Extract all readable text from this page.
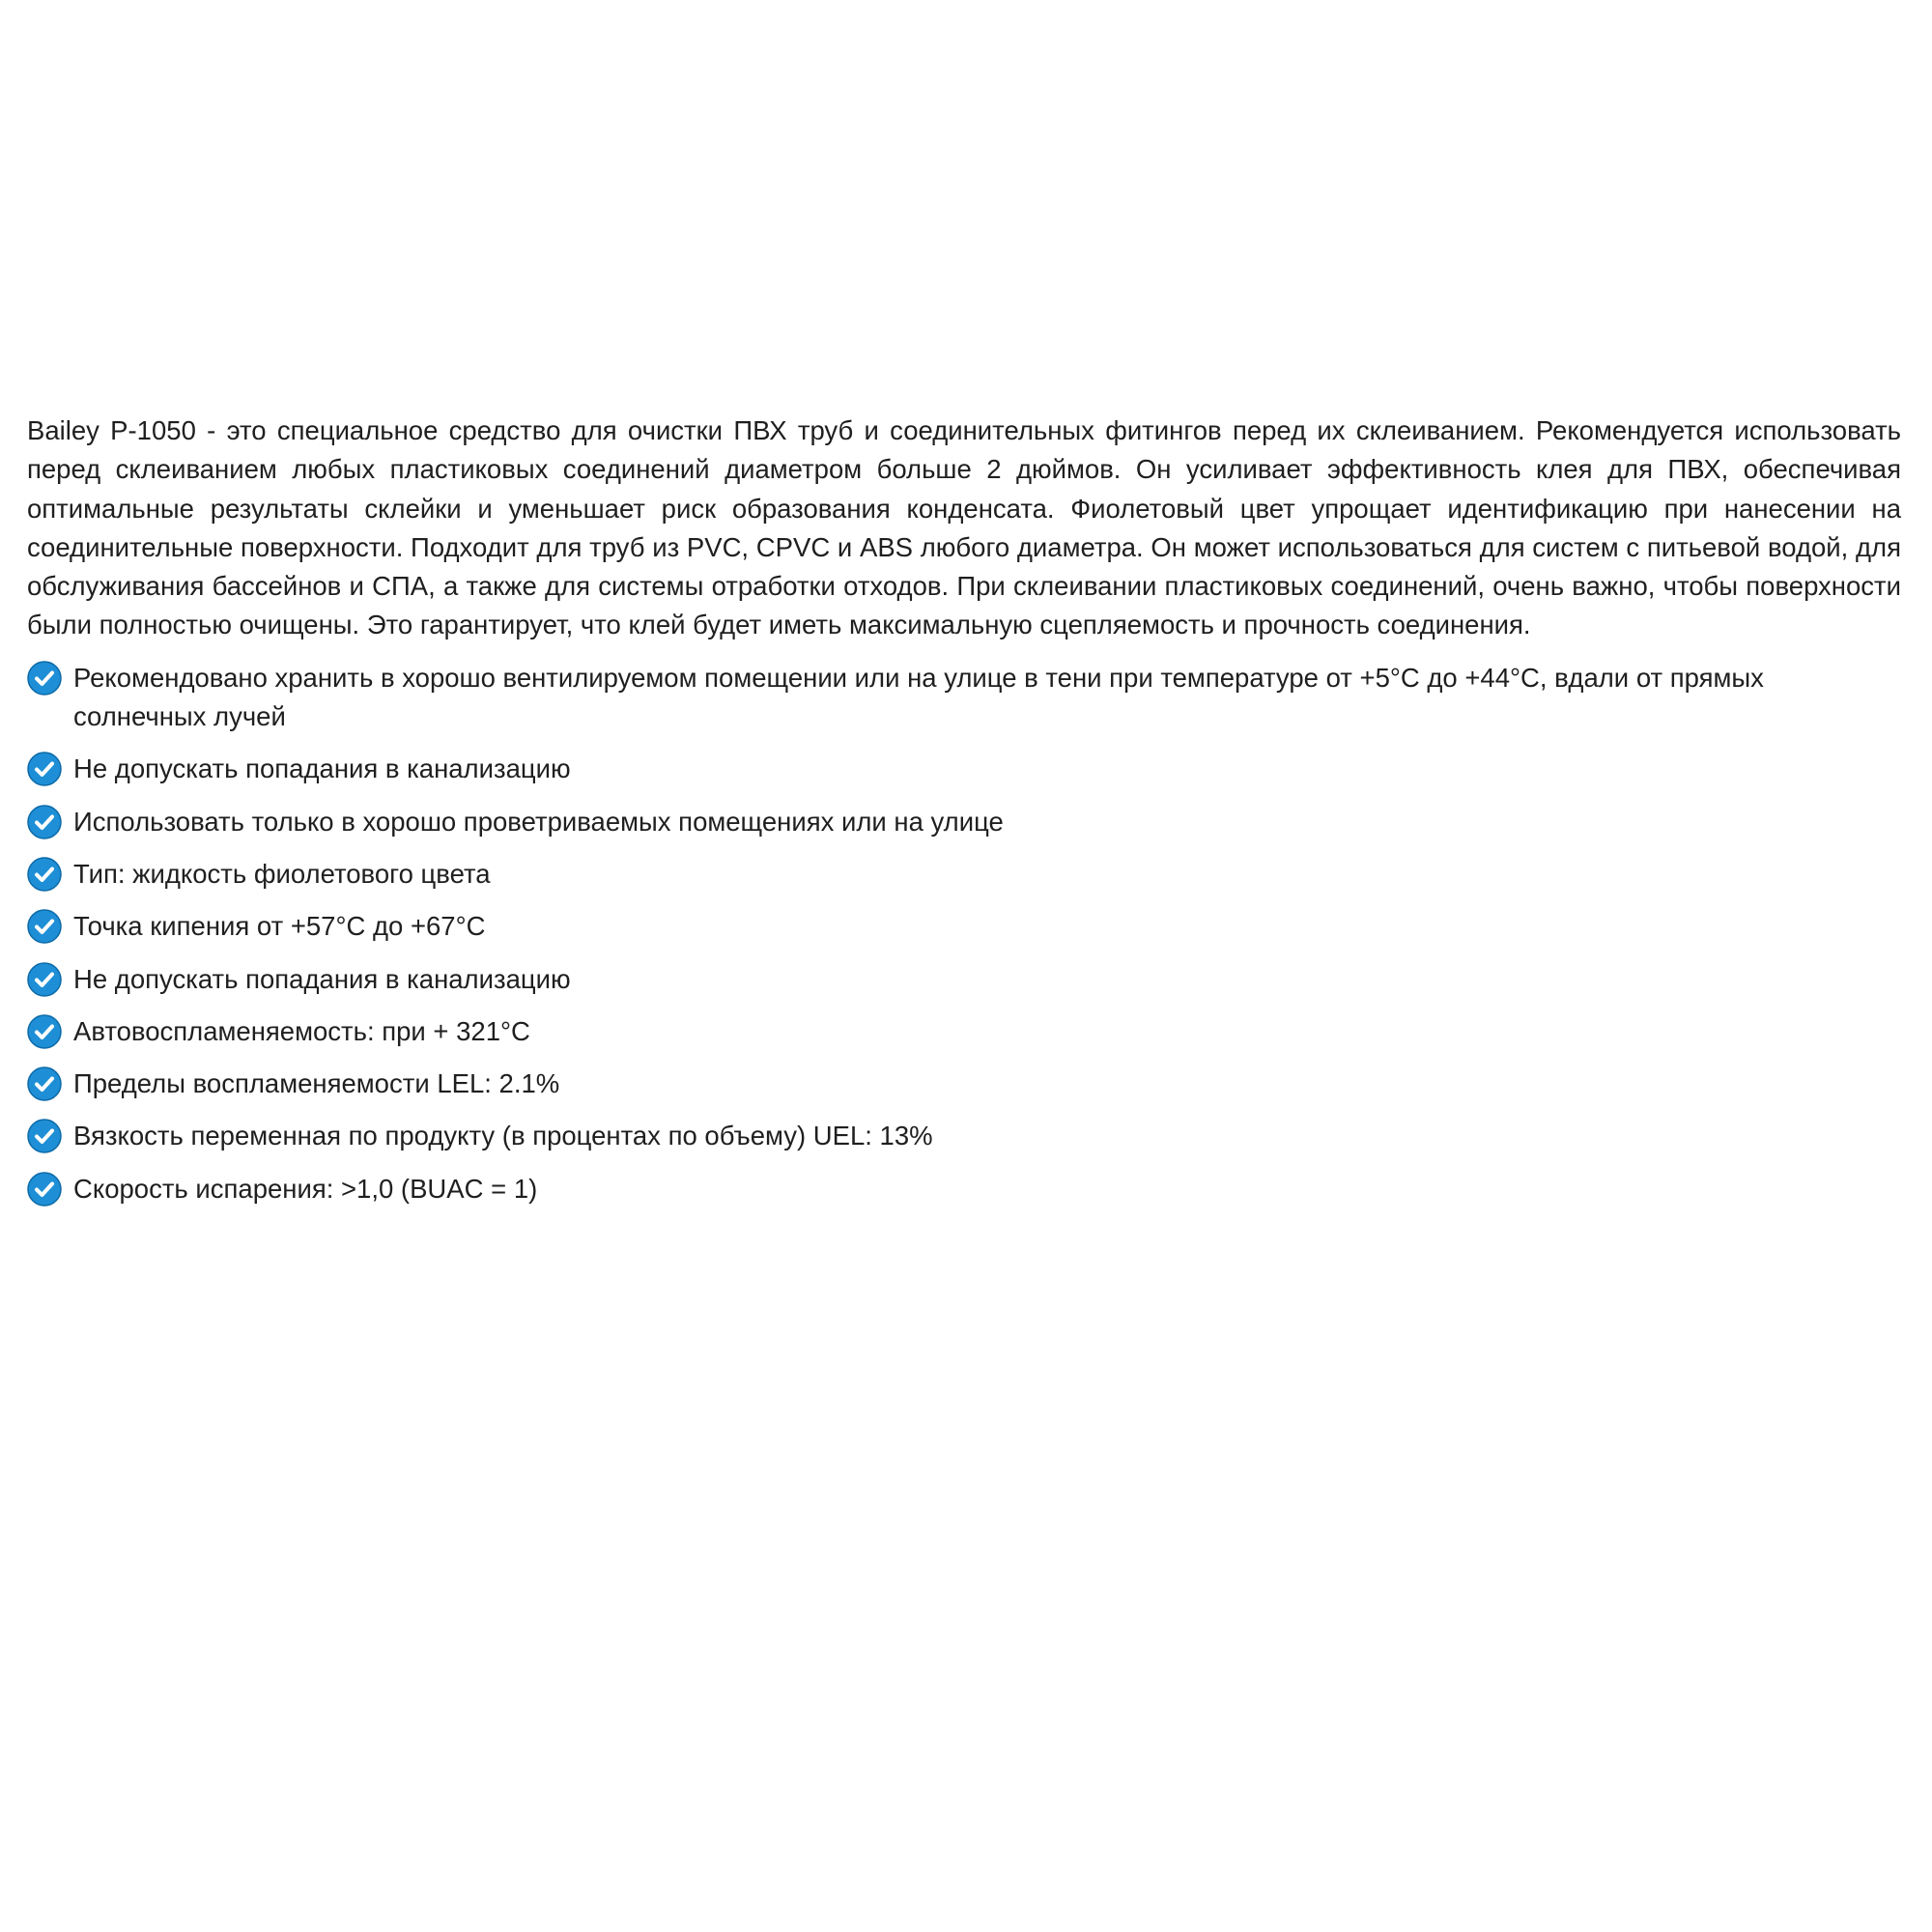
Bailey P-1050 - это специальное средство для очистки ПВХ труб и соединительных фитингов перед их склеиванием. Рекомендуется использовать перед склеиванием любых пластиковых соединений диаметром больше 2 дюймов. Он усиливает эффективность клея для ПВХ, обеспечивая оптимальные результаты склейки и уменьшает риск образования конденсата. Фиолетовый цвет упрощает идентификацию при нанесении на соединительные поверхности. Подходит для труб из PVC, CPVC и ABS любого диаметра. Он может использоваться для систем с питьевой водой, для обслуживания бассейнов и СПА, а также для системы отработки отходов. При склеивании пластиковых соединений, очень важно, чтобы поверхности были полностью очищены. Это гарантирует, что клей будет иметь максимальную сцепляемость и прочность соединения.

Рекомендовано хранить в хорошо вентилируемом помещении или на улице в тени при температуре от +5°C до +44°C, вдали от прямых солнечных лучей
Не допускать попадания в канализацию
Использовать только в хорошо проветриваемых помещениях или на улице
Тип: жидкость фиолетового цвета
Точка кипения от +57°C до +67°C
Не допускать попадания в канализацию
Автовоспламеняемость: при + 321°C
Пределы воспламеняемости LEL: 2.1%
Вязкость переменная по продукту (в процентах по объему) UEL: 13%
Скорость испарения: >1,0 (BUAC = 1)
